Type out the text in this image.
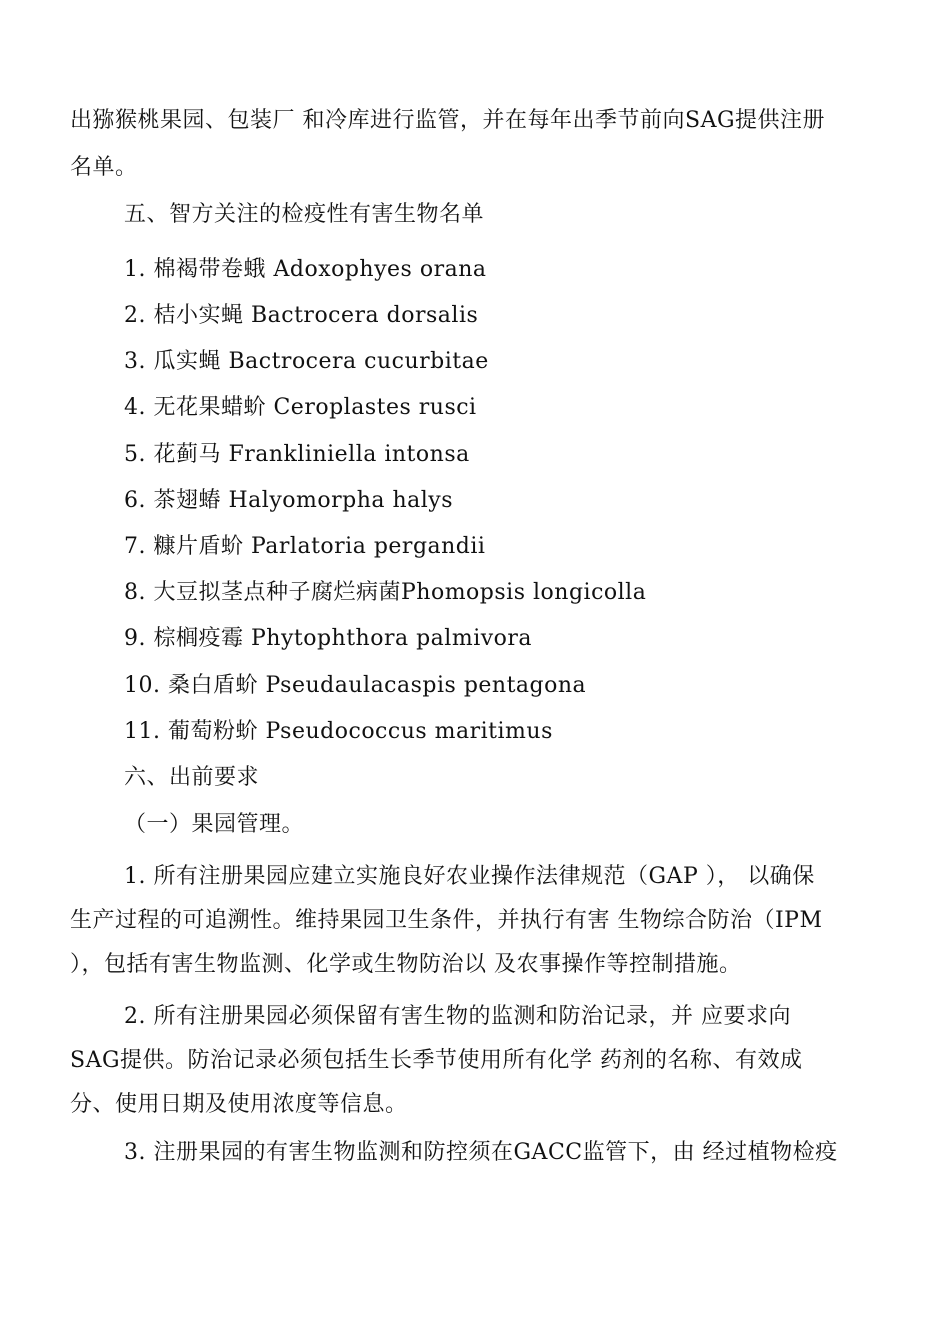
出猕猴桃果园、包装厂 和冷库进行监管，并在每年出季节前向SAG提供注册
名单。
五、智方关注的检疫性有害生物名单
1. 棉褐带卷蛾 Adoxophyes orana
2. 桔小实蝇 Bactrocera dorsalis
3. 瓜实蝇 Bactrocera cucurbitae
4. 无花果蜡蚧 Ceroplastes rusci
5. 花蓟马 Frankliniella intonsa
6. 茶翅蝽 Halyomorpha halys
7. 糠片盾蚧 Parlatoria pergandii
8. 大豆拟茎点种子腐烂病菌Phomopsis longicolla
9. 棕榈疫霉 Phytophthora palmivora
10. 桑白盾蚧 Pseudaulacaspis pentagona
11. 葡萄粉蚧 Pseudococcus maritimus
六、出前要求
（一）果园管理。
1. 所有注册果园应建立实施良好农业操作法律规范（GAP ）， 以确保
生产过程的可追溯性。维持果园卫生条件，并执行有害 生物综合防治（IPM
），包括有害生物监测、化学或生物防治以 及农事操作等控制措施。
2. 所有注册果园必须保留有害生物的监测和防治记录，并 应要求向
SAG提供。防治记录必须包括生长季节使用所有化学 药剂的名称、有效成
分、使用日期及使用浓度等信息。
3. 注册果园的有害生物监测和防控须在GACC监管下，由 经过植物检疫
